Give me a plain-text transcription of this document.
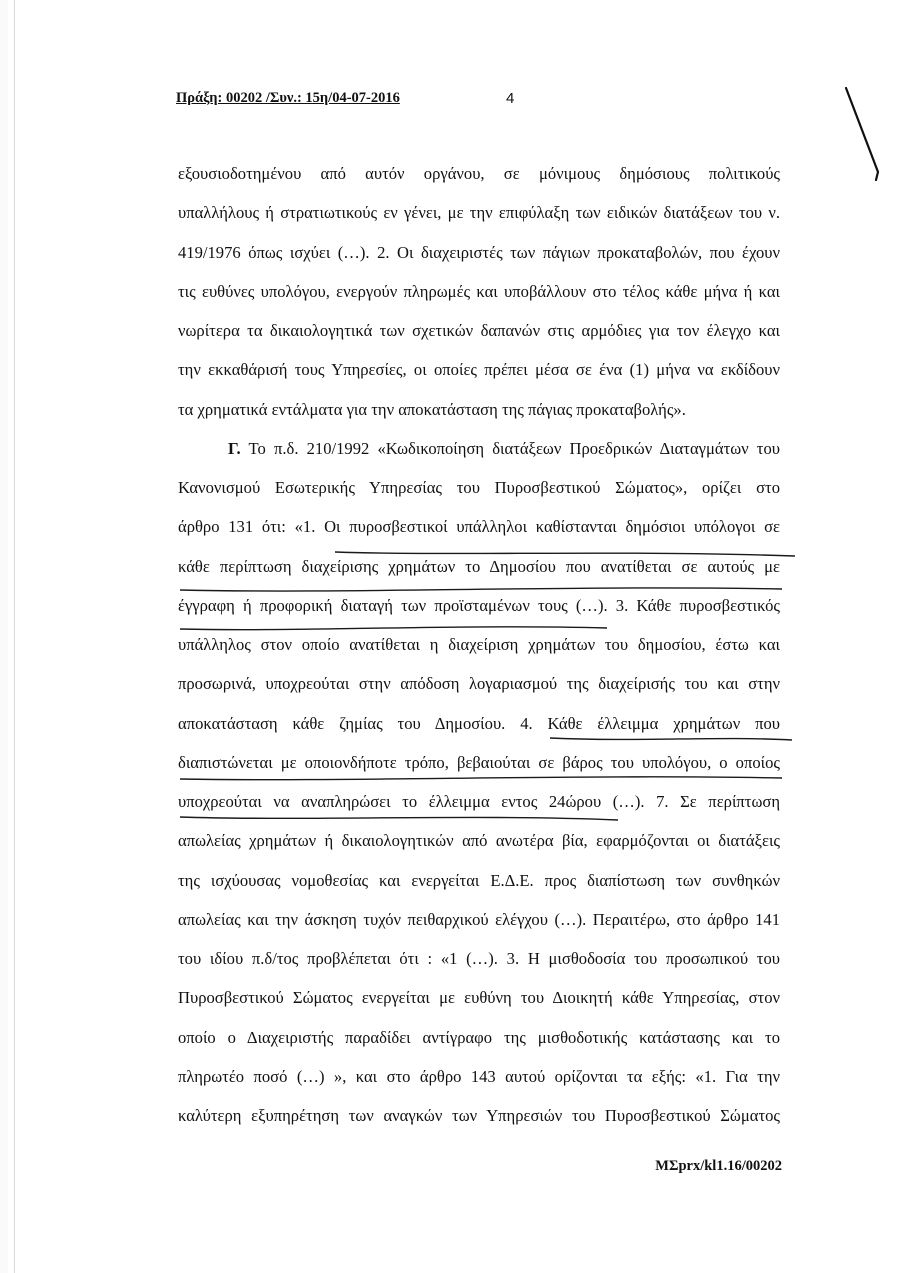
Πράξη: 00202 /Συν.: 15η/04-07-2016	4
εξουσιοδοτημένου από αυτόν οργάνου, σε μόνιμους δημόσιους πολιτικούς
υπαλλήλους ή στρατιωτικούς εν γένει, με την επιφύλαξη των ειδικών διατάξεων του ν.
419/1976 όπως ισχύει (…). 2. Οι διαχειριστές των πάγιων προκαταβολών, που έχουν
τις ευθύνες υπολόγου, ενεργούν πληρωμές και υποβάλλουν στο τέλος κάθε μήνα ή και
νωρίτερα τα δικαιολογητικά των σχετικών δαπανών στις αρμόδιες για τον έλεγχο και
την εκκαθάρισή τους Υπηρεσίες, οι οποίες πρέπει μέσα σε ένα (1) μήνα να εκδίδουν
τα χρηματικά εντάλματα για την αποκατάσταση της πάγιας προκαταβολής».
Γ. Το π.δ. 210/1992 «Κωδικοποίηση διατάξεων Προεδρικών Διαταγμάτων του
Κανονισμού Εσωτερικής Υπηρεσίας του Πυροσβεστικού Σώματος», ορίζει στο
άρθρο 131 ότι: «1. Οι πυροσβεστικοί υπάλληλοι καθίστανται δημόσιοι υπόλογοι σε
κάθε περίπτωση διαχείρισης χρημάτων το Δημοσίου που ανατίθεται σε αυτούς με
έγγραφη ή προφορική διαταγή των προϊσταμένων τους (…). 3. Κάθε πυροσβεστικός
υπάλληλος στον οποίο ανατίθεται η διαχείριση χρημάτων του δημοσίου, έστω και
προσωρινά, υποχρεούται στην απόδοση λογαριασμού της διαχείρισής του και στην
αποκατάσταση κάθε ζημίας του Δημοσίου. 4. Κάθε έλλειμμα χρημάτων που
διαπιστώνεται με οποιονδήποτε τρόπο, βεβαιούται σε βάρος του υπολόγου, ο οποίος
υποχρεούται να αναπληρώσει το έλλειμμα εντος 24ώρου (…). 7. Σε περίπτωση
απωλείας χρημάτων ή δικαιολογητικών από ανωτέρα βία, εφαρμόζονται οι διατάξεις
της ισχύουσας νομοθεσίας και ενεργείται Ε.Δ.Ε. προς διαπίστωση των συνθηκών
απωλείας και την άσκηση τυχόν πειθαρχικού ελέγχου (…). Περαιτέρω, στο άρθρο 141
του ιδίου π.δ/τος προβλέπεται ότι : «1 (…). 3. Η μισθοδοσία του προσωπικού του
Πυροσβεστικού Σώματος ενεργείται με ευθύνη του Διοικητή κάθε Υπηρεσίας, στον
οποίο ο Διαχειριστής παραδίδει αντίγραφο της μισθοδοτικής κατάστασης και το
πληρωτέο ποσό (…) », και στο άρθρο 143 αυτού ορίζονται τα εξής: «1. Για την
καλύτερη εξυπηρέτηση των αναγκών των Υπηρεσιών του Πυροσβεστικού Σώματος
ΜΣprx/kl1.16/00202
